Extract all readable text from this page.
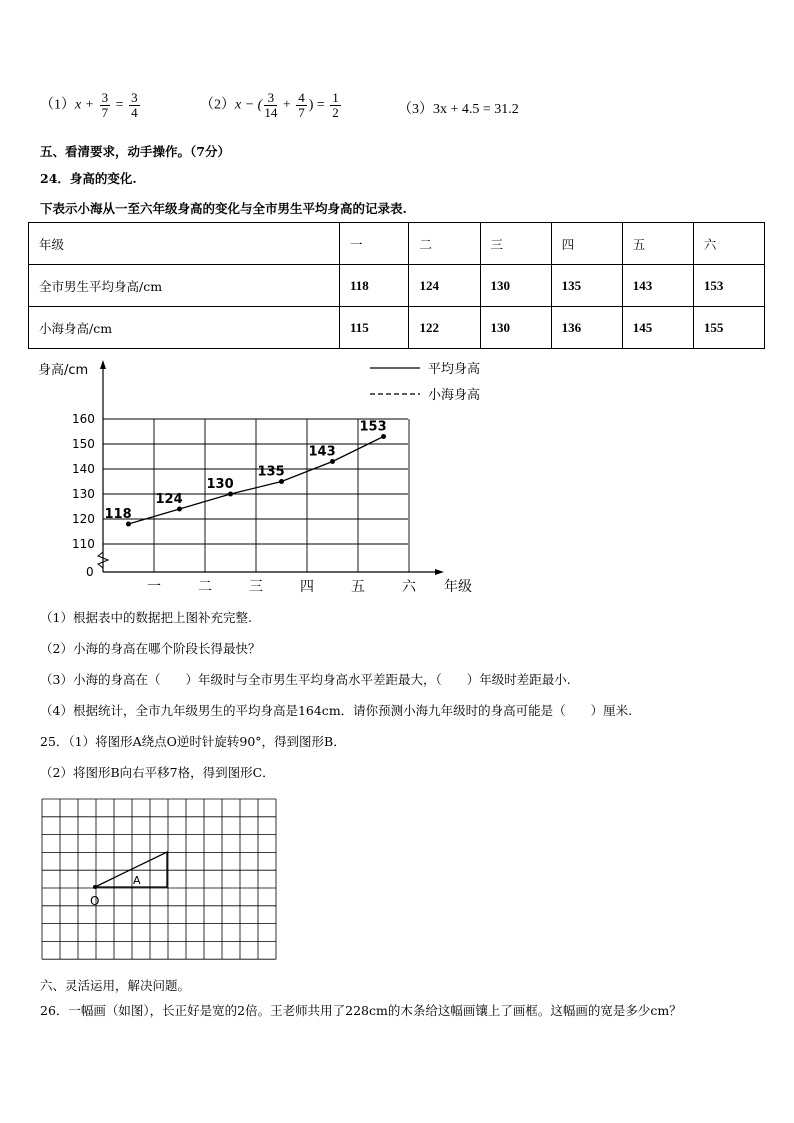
$(1)x + \frac{3}{7} = \frac{3}{4}$	（2）x − ( $\frac{3}{14} + \frac{4}{7}$ ) = $\frac{1}{2}$	（3）3x + 4.5 = 31.2
五、看清要求，动手操作。（7分）
24．身高的变化.
下表示小海从一至六年级身高的变化与全市男生平均身高的记录表.
年级	一	二	三	四	五	六
全市男生平均身高/cm	118	124	130	135	143	153
小海身高/cm	115	122	130	136	145	155
160
150
140
130
120
110
0
一	二	三	四	五	六
118
124
130
135
143
153
平均身高
小海身高
身高/cm
年级
（1）根据表中的数据把上图补充完整.
（2）小海的身高在哪个阶段长得最快？
（3）小海的身高在（　　）年级时与全市男生平均身高水平差距最大，（　　）年级时差距最小.
（4）根据统计，全市九年级男生的平均身高是164cm．请你预测小海九年级时的身高可能是（　　）厘米.
25．（1）将图形A绕点O逆时针旋转90°，得到图形B．
（2）将图形B向右平移7格，得到图形C．
A
O
六、灵活运用，解决问题。
26．一幅画（如图），长正好是宽的2倍。王老师共用了228cm的木条给这幅画镶上了画框。这幅画的宽是多少cm？
